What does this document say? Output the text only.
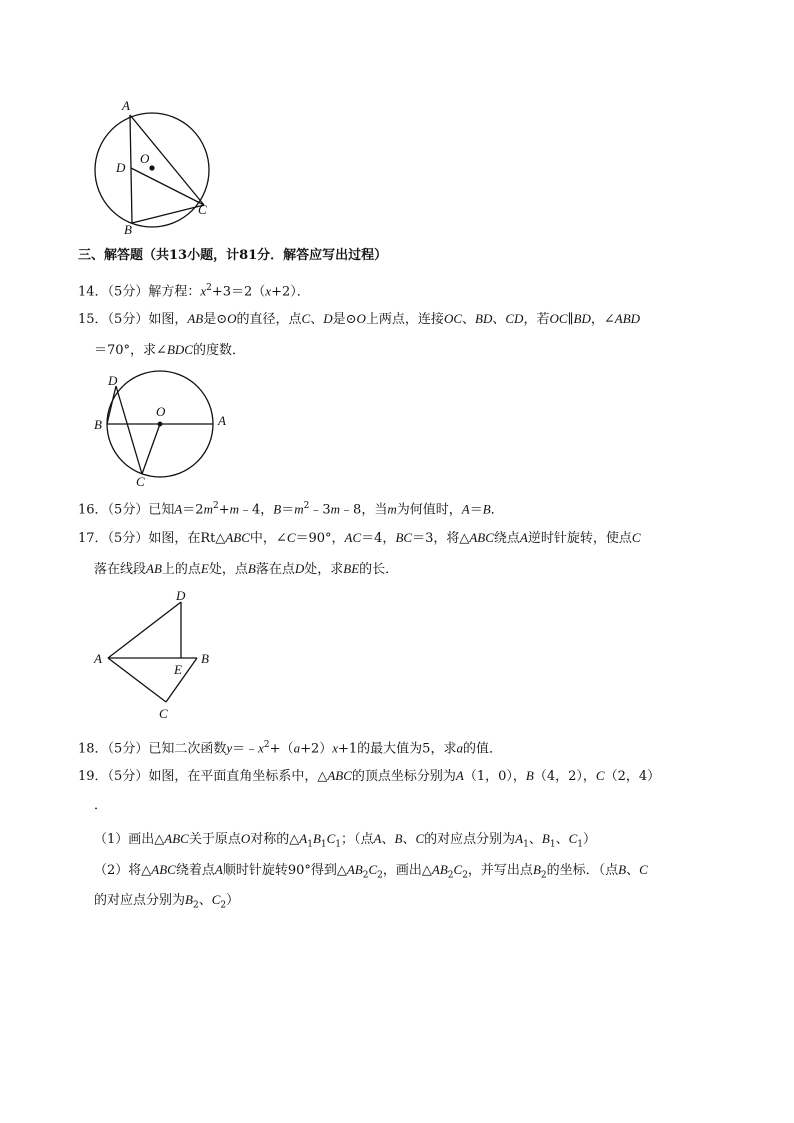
A
D
O
C
B
三、解答题（共13小题，计81分．解答应写出过程）
14．（5分）解方程：$x^2+3=2(x+2)$．
15．（5分）如图，AB是⊙O的直径，点C、D是⊙O上两点，连接OC、BD、CD，若OC∥BD，∠ABD
＝70°，求∠BDC的度数．
D
B
O
A
C
16．（5分）已知$A=2m^2+m﹣4$，$B=m^2﹣3m﹣8$，当m为何值时，A＝B．
17．（5分）如图，在Rt△ABC中，∠C＝90°，AC＝4，BC＝3，将△ABC绕点A逆时针旋转，使点C
落在线段AB上的点E处，点B落在点D处，求BE的长．
D
A
E
B
C
18．（5分）已知二次函数$y=﹣x^2+(a+2)x+1$的最大值为5，求a的值．
19．（5分）如图，在平面直角坐标系中，△ABC的顶点坐标分别为A（1，0），B（4，2），C（2，4）
．
（1）画出△ABC关于原点O对称的$\triangle A_1B_1C_1$；（点A、B、C的对应点分别为$A_1$、$B_1$、$C_1$）
（2）将△ABC绕着点A顺时针旋转90°得到$\triangle AB_2C_2$，画出$\triangle AB_2C_2$，并写出点$B_2$的坐标．（点B、C
的对应点分别为$B_2$、$C_2$）
